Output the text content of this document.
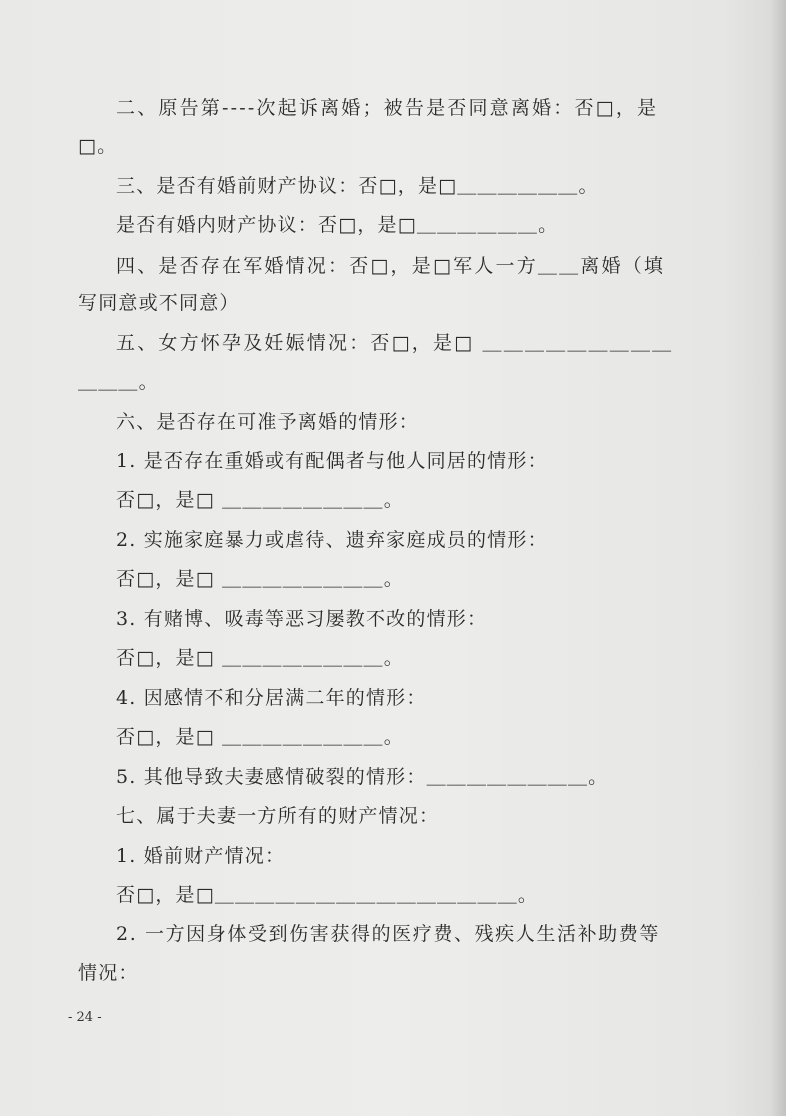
二、原告第----次起诉离婚；被告是否同意离婚：否□，是
□。
三、是否有婚前财产协议：否□，是□＿＿＿＿＿＿。
是否有婚内财产协议：否□，是□＿＿＿＿＿＿。
四、是否存在军婚情况：否□，是□军人一方＿＿离婚（填
写同意或不同意）
五、女方怀孕及妊娠情况：否□，是□ ＿＿＿＿＿＿＿＿＿
＿＿＿。
六、是否存在可准予离婚的情形：
1. 是否存在重婚或有配偶者与他人同居的情形：
否□，是□ ＿＿＿＿＿＿＿＿。
2. 实施家庭暴力或虐待、遗弃家庭成员的情形：
否□，是□ ＿＿＿＿＿＿＿＿。
3. 有赌博、吸毒等恶习屡教不改的情形：
否□，是□ ＿＿＿＿＿＿＿＿。
4. 因感情不和分居满二年的情形：
否□，是□ ＿＿＿＿＿＿＿＿。
5. 其他导致夫妻感情破裂的情形：＿＿＿＿＿＿＿＿。
七、属于夫妻一方所有的财产情况：
1. 婚前财产情况：
否□，是□＿＿＿＿＿＿＿＿＿＿＿＿＿＿＿。
2. 一方因身体受到伤害获得的医疗费、残疾人生活补助费等
情况：
- 24 -
